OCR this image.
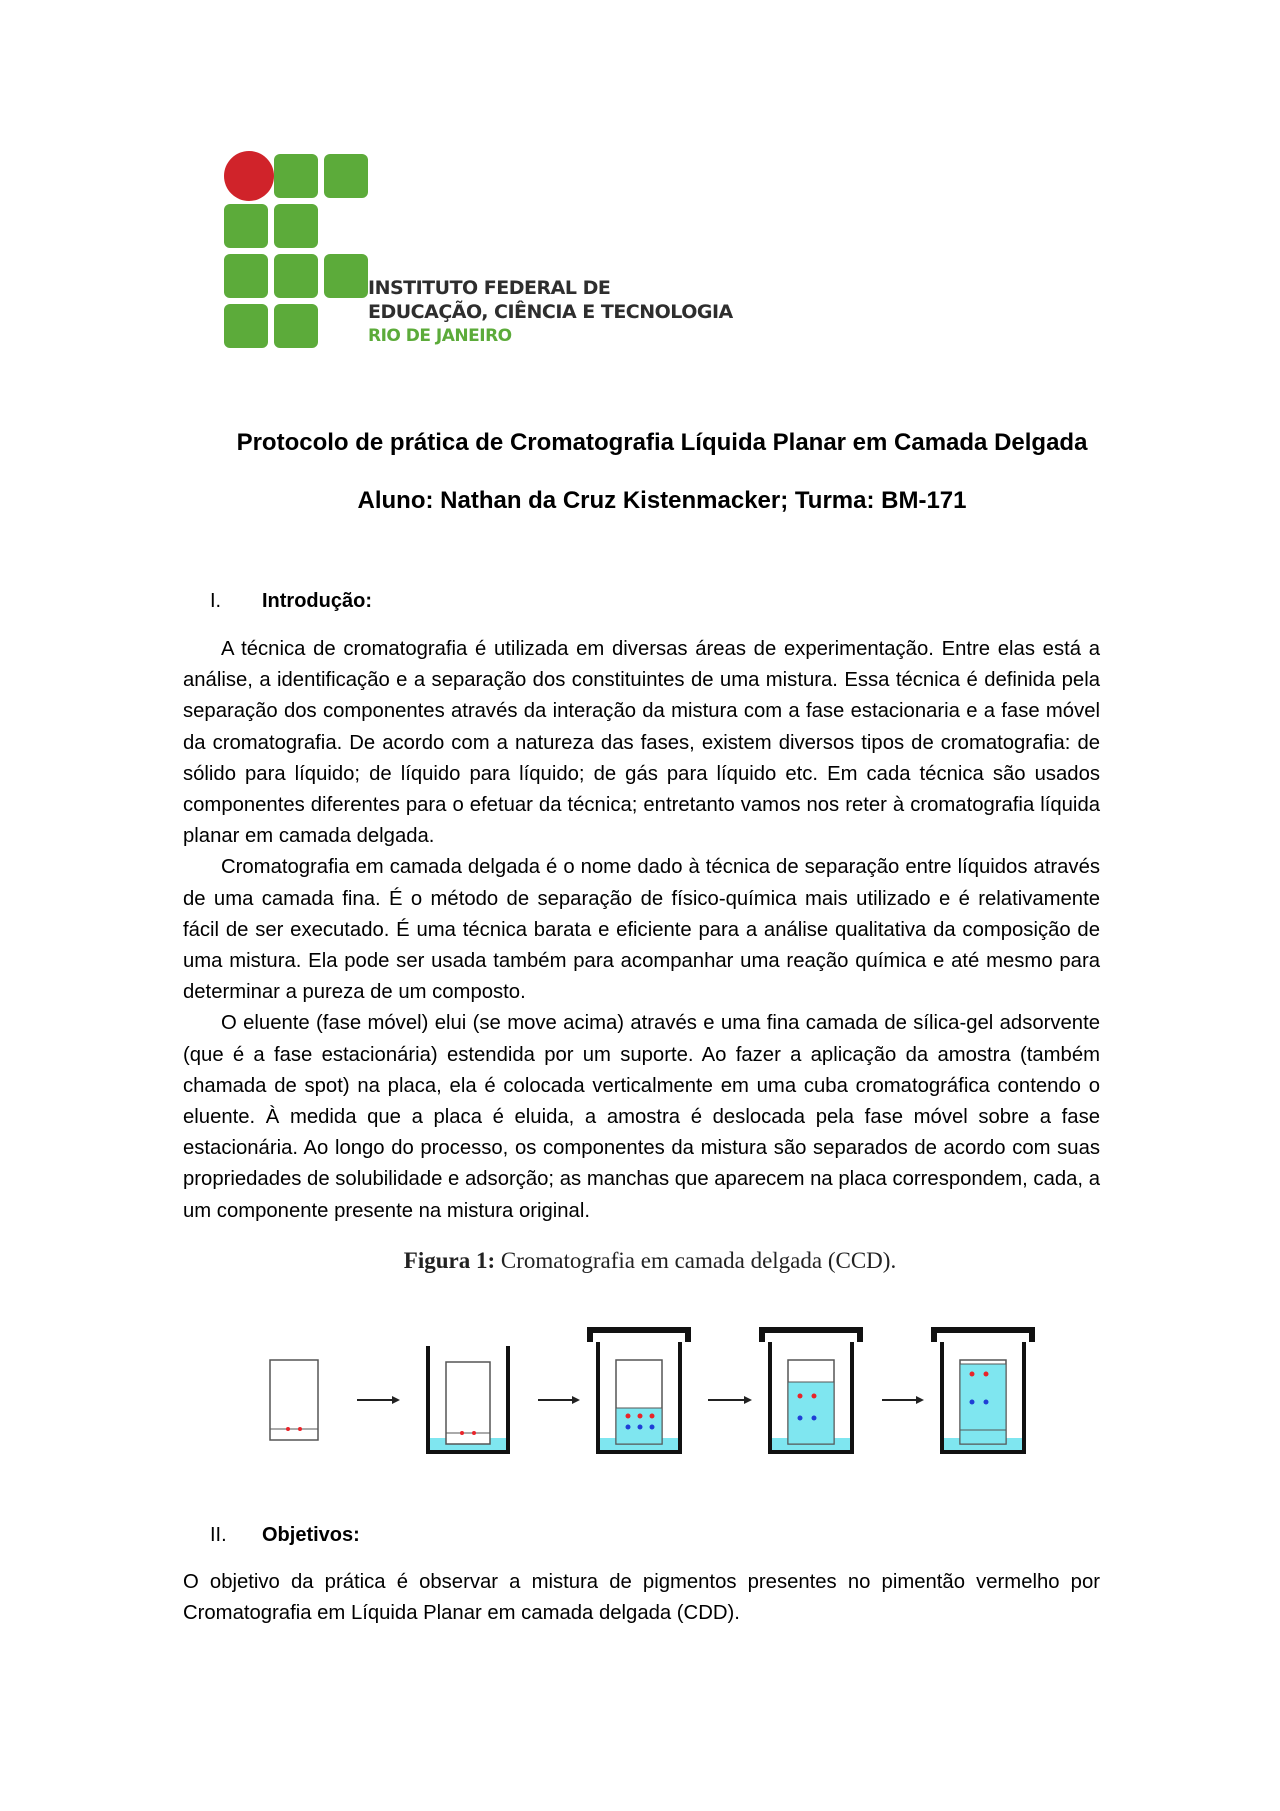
INSTITUTO FEDERAL DE
EDUCAÇÃO, CIÊNCIA E TECNOLOGIA
RIO DE JANEIRO
Protocolo de prática de Cromatografia Líquida Planar em Camada Delgada
Aluno: Nathan da Cruz Kistenmacker; Turma: BM-171
I. Introdução:

A técnica de cromatografia é utilizada em diversas áreas de experimentação. Entre elas está a análise, a identificação e a separação dos constituintes de uma mistura. Essa técnica é definida pela separação dos componentes através da interação da mistura com a fase estacionaria e a fase móvel da cromatografia. De acordo com a natureza das fases, existem diversos tipos de cromatografia: de sólido para líquido; de líquido para líquido; de gás para líquido etc. Em cada técnica são usados componentes diferentes para o efetuar da técnica; entretanto vamos nos reter à cromatografia líquida planar em camada delgada.

Cromatografia em camada delgada é o nome dado à técnica de separação entre líquidos através de uma camada fina. É o método de separação de físico-química mais utilizado e é relativamente fácil de ser executado. É uma técnica barata e eficiente para a análise qualitativa da composição de uma mistura. Ela pode ser usada também para acompanhar uma reação química e até mesmo para determinar a pureza de um composto.

O eluente (fase móvel) elui (se move acima) através e uma fina camada de sílica-gel adsorvente (que é a fase estacionária) estendida por um suporte. Ao fazer a aplicação da amostra (também chamada de spot) na placa, ela é colocada verticalmente em uma cuba cromatográfica contendo o eluente. À medida que a placa é eluida, a amostra é deslocada pela fase móvel sobre a fase estacionária. Ao longo do processo, os componentes da mistura são separados de acordo com suas propriedades de solubilidade e adsorção; as manchas que aparecem na placa correspondem, cada, a um componente presente na mistura original.

Figura 1: Cromatografia em camada delgada (CCD).
II. Objetivos:

O objetivo da prática é observar a mistura de pigmentos presentes no pimentão vermelho por Cromatografia em Líquida Planar em camada delgada (CDD).
